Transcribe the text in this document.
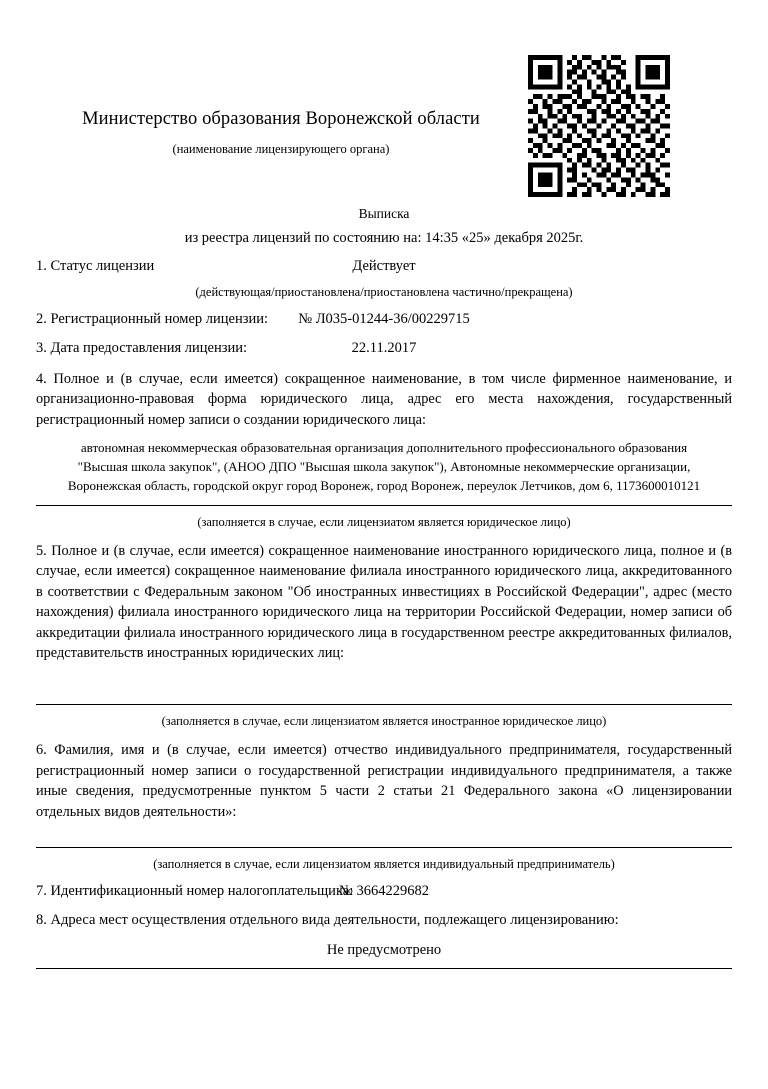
Министерство образования Воронежской области
(наименование лицензирующего органа)
Выписка
из реестра лицензий по состоянию на: 14:35 «25» декабря 2025г.
1. Статус лицензии	Действует
(действующая/приостановлена/приостановлена частично/прекращена)
2. Регистрационный номер лицензии: № Л035-01244-36/00229715
3. Дата предоставления лицензии:	22.11.2017
4. Полное и (в случае, если имеется) сокращенное наименование, в том числе фирменное наименование, и организационно-правовая форма юридического лица, адрес его места нахождения, государственный регистрационный номер записи о создании юридического лица:
автономная некоммерческая образовательная организация дополнительного профессионального образования "Высшая школа закупок", (АНОО ДПО "Высшая школа закупок"), Автономные некоммерческие организации, Воронежская область, городской округ город Воронеж, город Воронеж, переулок Летчиков, дом 6, 1173600010121
(заполняется в случае, если лицензиатом является юридическое лицо)
5. Полное и (в случае, если имеется) сокращенное наименование иностранного юридического лица, полное и (в случае, если имеется) сокращенное наименование филиала иностранного юридического лица, аккредитованного в соответствии с Федеральным законом "Об иностранных инвестициях в Российской Федерации", адрес (место нахождения) филиала иностранного юридического лица на территории Российской Федерации, номер записи об аккредитации филиала иностранного юридического лица в государственном реестре аккредитованных филиалов, представительств иностранных юридических лиц:
(заполняется в случае, если лицензиатом является иностранное юридическое лицо)
6. Фамилия, имя и (в случае, если имеется) отчество индивидуального предпринимателя, государственный регистрационный номер записи о государственной регистрации индивидуального предпринимателя, а также иные сведения, предусмотренные пунктом 5 части 2 статьи 21 Федерального закона «О лицензировании отдельных видов деятельности»:
(заполняется в случае, если лицензиатом является индивидуальный предприниматель)
7. Идентификационный номер налогоплательщика:
№ 3664229682
8. Адреса мест осуществления отдельного вида деятельности, подлежащего лицензированию:
Не предусмотрено
